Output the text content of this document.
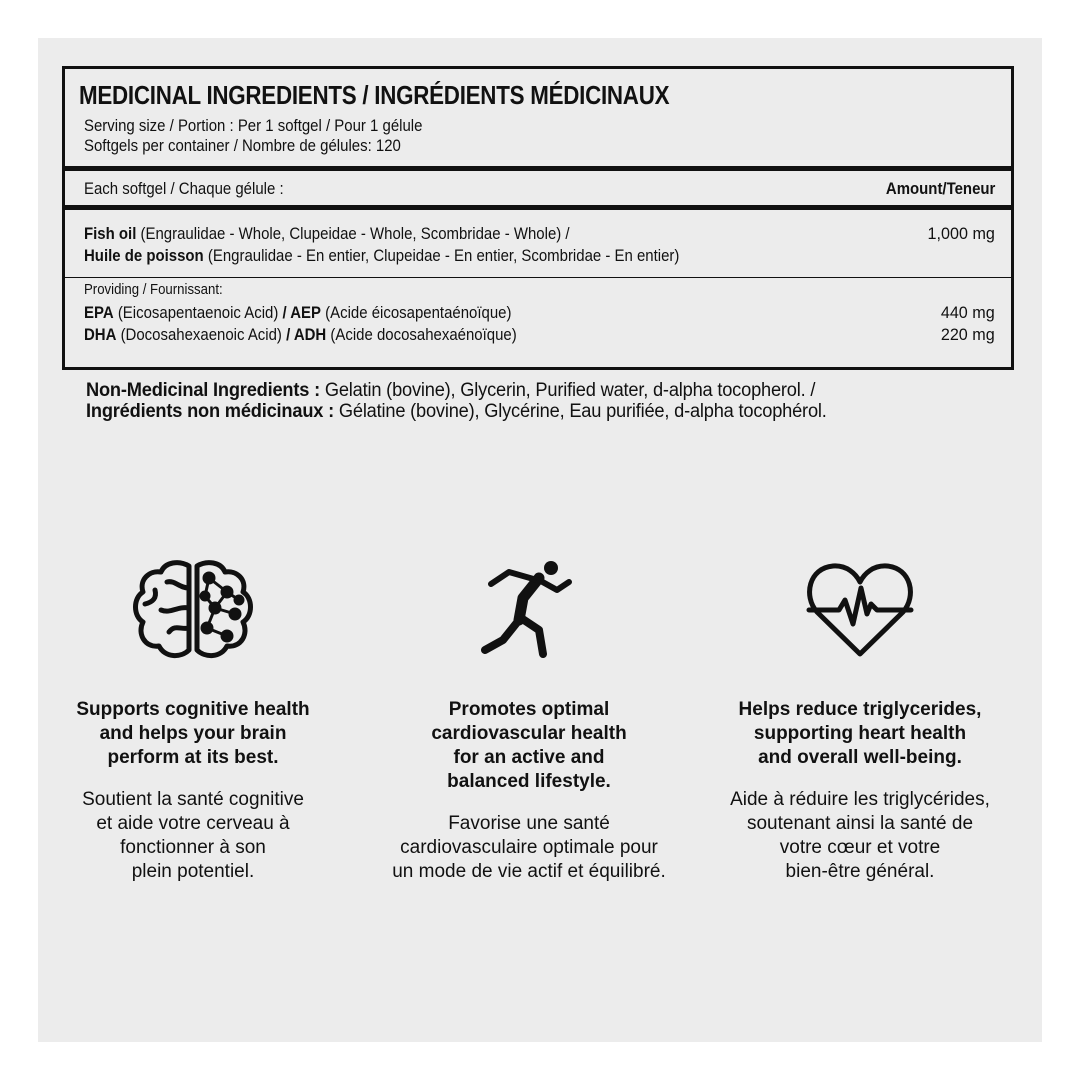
MEDICINAL INGREDIENTS / INGRÉDIENTS MÉDICINAUX
Serving size / Portion : Per 1 softgel / Pour 1 gélule
Softgels per container / Nombre de gélules: 120
Each softgel / Chaque gélule :	Amount/Teneur
Fish oil (Engraulidae - Whole, Clupeidae - Whole, Scombridae - Whole) /	1,000 mg
Huile de poisson (Engraulidae - En entier, Clupeidae - En entier, Scombridae - En entier)
Providing / Fournissant:
EPA (Eicosapentaenoic Acid) / AEP (Acide éicosapentaénoïque)	440 mg
DHA (Docosahexaenoic Acid) / ADH (Acide docosahexaénoïque)	220 mg
Non-Medicinal Ingredients : Gelatin (bovine), Glycerin, Purified water, d-alpha tocopherol. /
Ingrédients non médicinaux : Gélatine (bovine), Glycérine, Eau purifiée, d-alpha tocophérol.
Supports cognitive health
and helps your brain
perform at its best.
Soutient la santé cognitive
et aide votre cerveau à
fonctionner à son
plein potentiel.
Promotes optimal
cardiovascular health
for an active and
balanced lifestyle.
Favorise une santé
cardiovasculaire optimale pour
un mode de vie actif et équilibré.
Helps reduce triglycerides,
supporting heart health
and overall well-being.
Aide à réduire les triglycérides,
soutenant ainsi la santé de
votre cœur et votre
bien-être général.
